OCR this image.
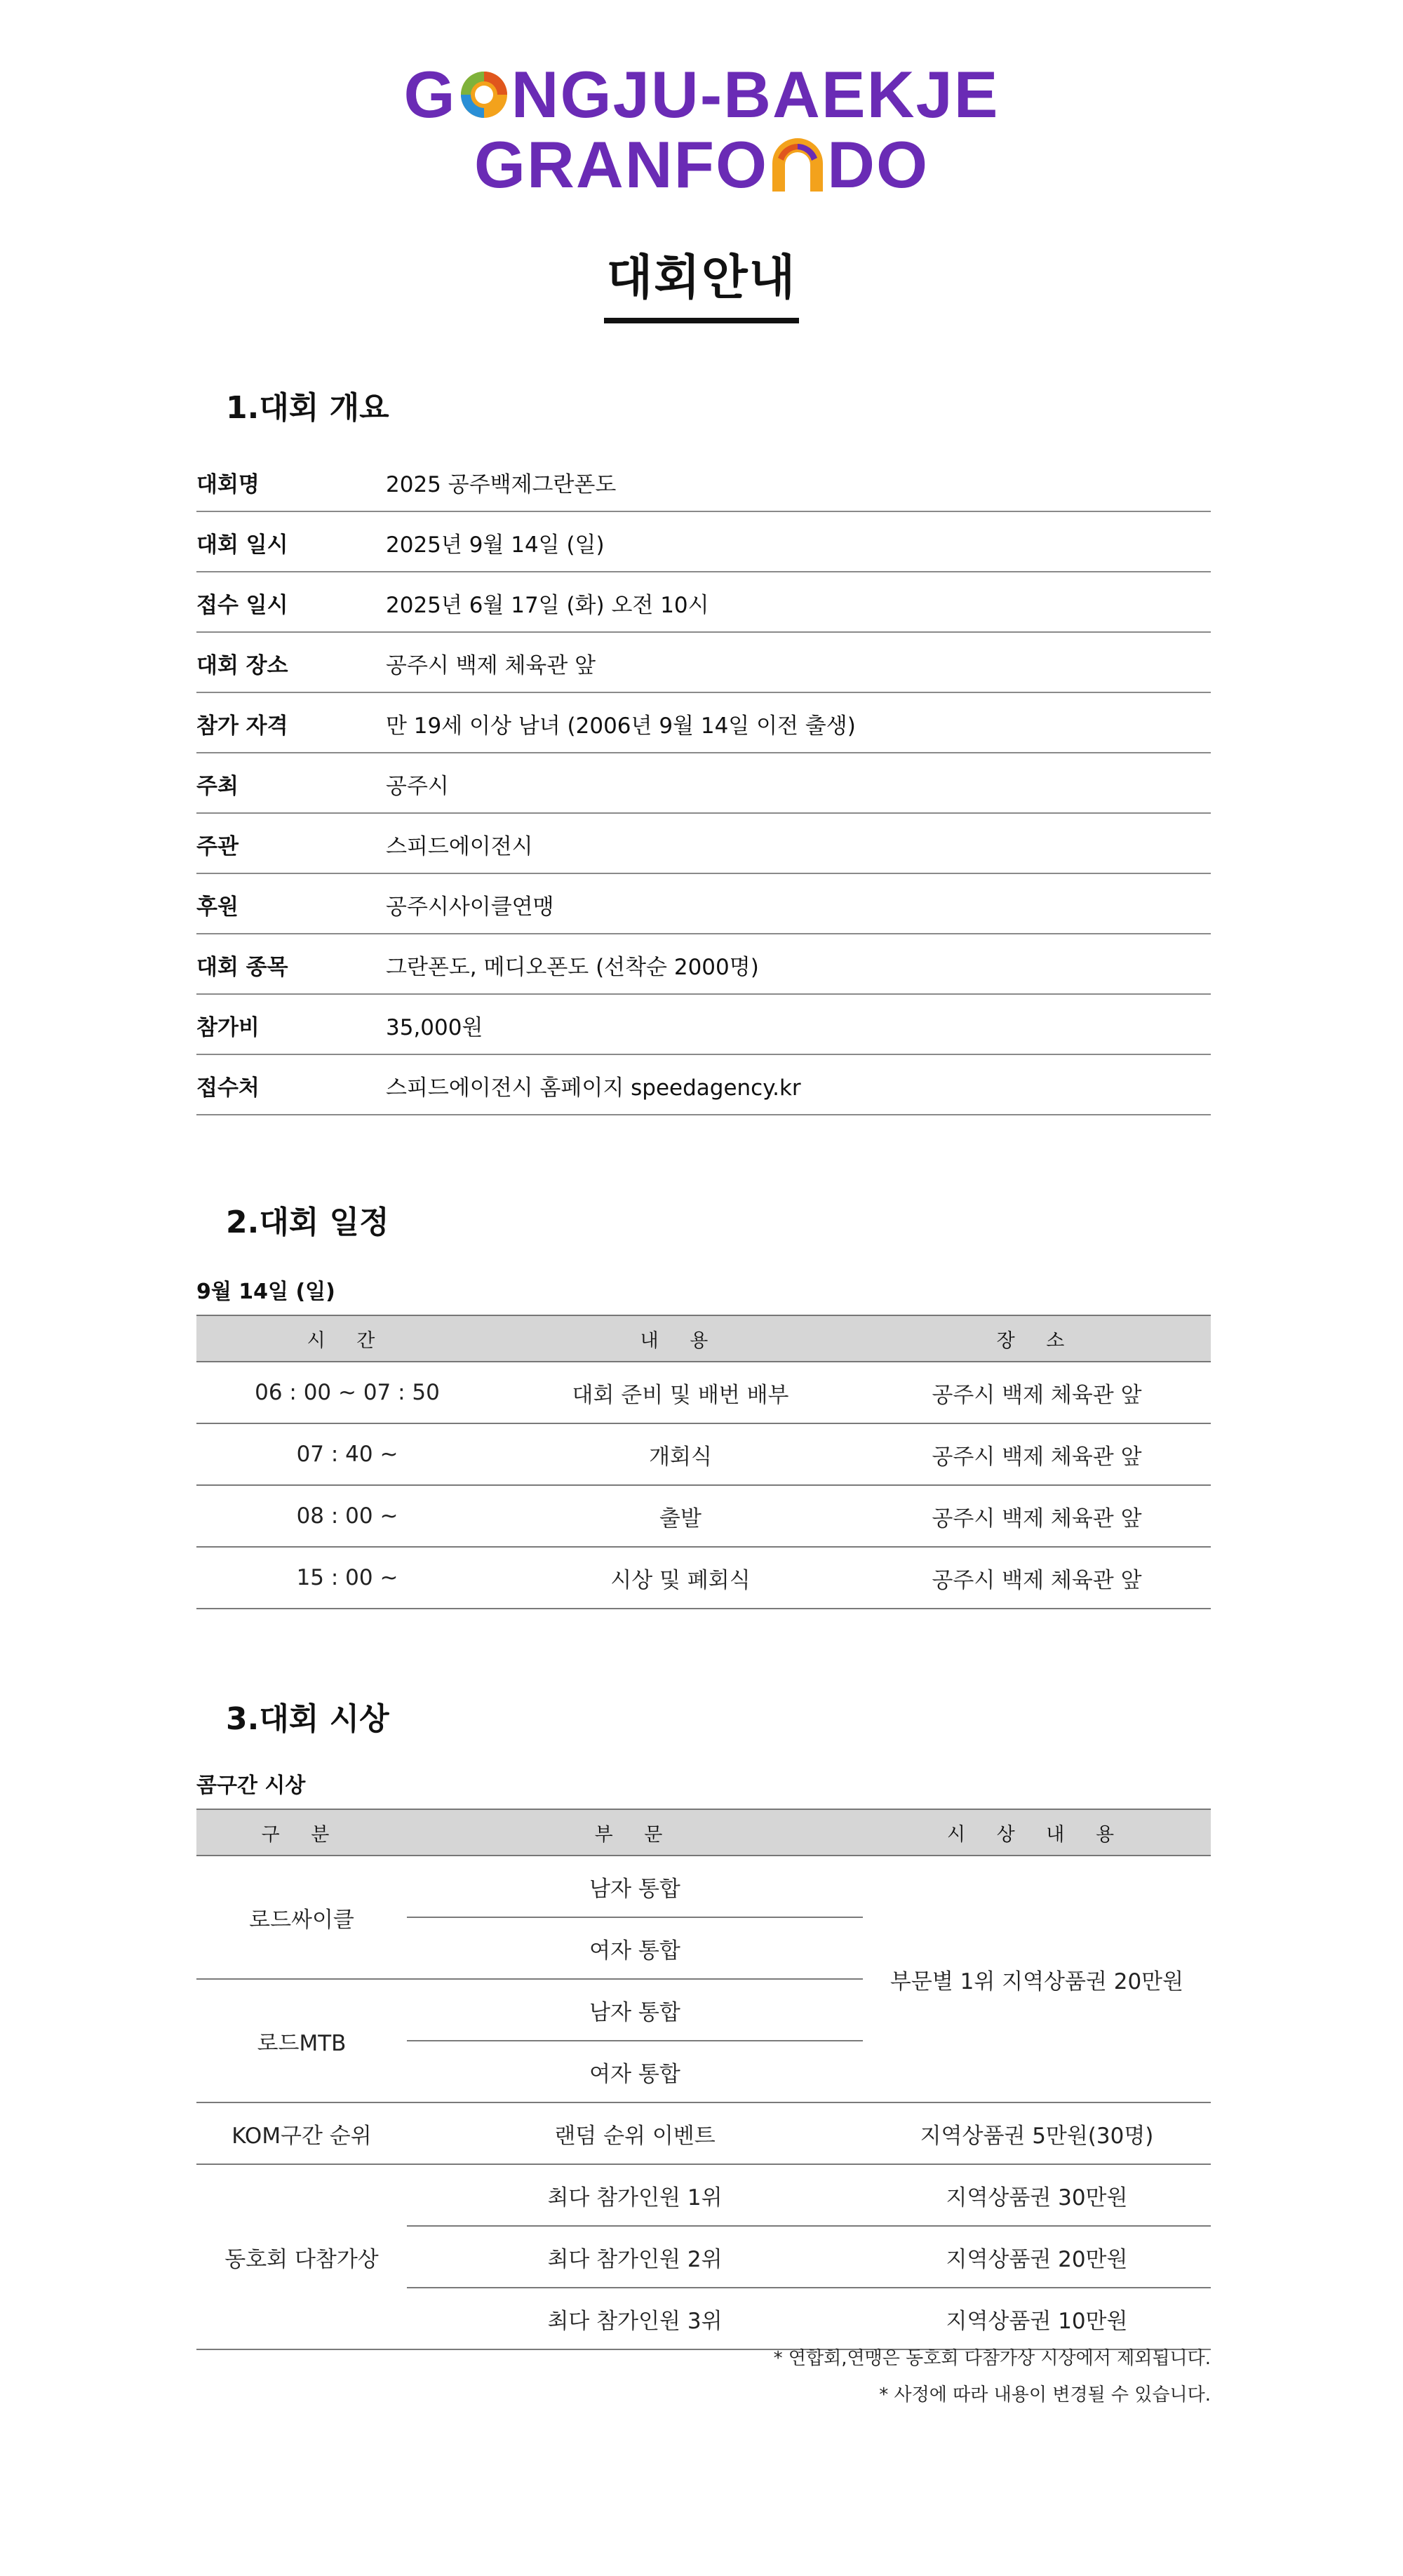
G NGJU-BAEKJE
GRANFO DO
대회안내
1.대회 개요
대회명	2025 공주백제그란폰도
대회 일시	2025년 9월 14일 (일)
접수 일시	2025년 6월 17일 (화) 오전 10시
대회 장소	공주시 백제 체육관 앞
참가 자격	만 19세 이상 남녀 (2006년 9월 14일 이전 출생)
주최	공주시
주관	스피드에이전시
후원	공주시사이클연맹
대회 종목	그란폰도, 메디오폰도 (선착순 2000명)
참가비	35,000원
접수처	스피드에이전시 홈페이지 speedagency.kr
2.대회 일정
9월 14일 (일)
시 간	내 용	장 소
06 : 00 ~ 07 : 50	대회 준비 및 배번 배부	공주시 백제 체육관 앞
07 : 40 ~	개회식	공주시 백제 체육관 앞
08 : 00 ~	출발	공주시 백제 체육관 앞
15 : 00 ~	시상 및 폐회식	공주시 백제 체육관 앞
3.대회 시상
콤구간 시상
구 분	부 문	시 상 내 용
로드싸이클	남자 통합	부문별 1위 지역상품권 20만원
	여자 통합	
로드MTB	남자 통합	
	여자 통합	
KOM구간 순위	랜덤 순위 이벤트	지역상품권 5만원(30명)
동호회 다참가상	최다 참가인원 1위	지역상품권 30만원
	최다 참가인원 2위	지역상품권 20만원
	최다 참가인원 3위	지역상품권 10만원
* 연합회,연맹은 동호회 다참가상 시상에서 제외됩니다.
* 사정에 따라 내용이 변경될 수 있습니다.
